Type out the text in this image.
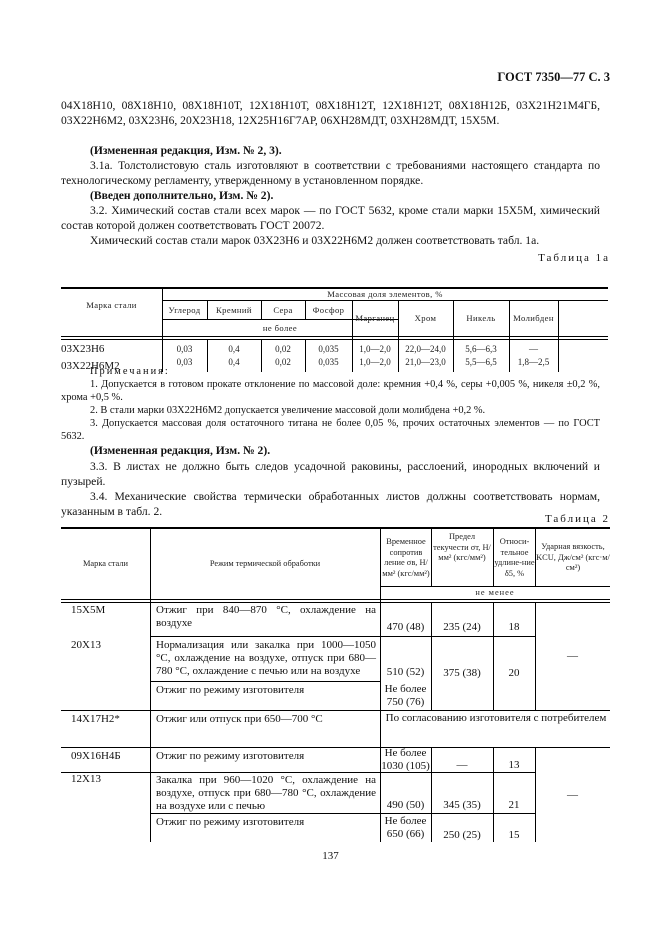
ГОСТ 7350—77 С. 3
04Х18Н10, 08Х18Н10, 08Х18Н10Т, 12Х18Н10Т, 08Х18Н12Т, 12Х18Н12Т, 08Х18Н12Б, 03Х21Н21М4ГБ, 03Х22Н6М2, 03Х23Н6, 20Х23Н18, 12Х25Н16Г7АР, 06ХН28МДТ, 03ХН28МДТ, 15Х5М.
(Измененная редакция, Изм. № 2, 3).
3.1а. Толстолистовую сталь изготовляют в соответствии с требованиями настоящего стандарта по технологическому регламенту, утвержденному в установленном порядке.
(Введен дополнительно, Изм. № 2).
3.2. Химический состав стали всех марок — по ГОСТ 5632, кроме стали марки 15Х5М, химический состав которой должен соответствовать ГОСТ 20072.
Химический состав стали марок 03Х23Н6 и 03Х22Н6М2 должен соответствовать табл. 1а.
Таблица 1а
Марка стали
Массовая доля элементов, %
Углерод	Кремний	Сера	Фосфор
не более
Марганец	Хром	Никель	Молибден
03Х23Н6	0,03	0,4	0,02	0,035	1,0—2,0	22,0—24,0	5,6—6,3	—
03Х22Н6М2	0,03	0,4	0,02	0,035	1,0—2,0	21,0—23,0	5,5—6,5	1,8—2,5
Примечания:
1. Допускается в готовом прокате отклонение по массовой доле: кремния +0,4 %, серы +0,005 %, никеля ±0,2 %, хрома +0,5 %.
2. В стали марки 03Х22Н6М2 допускается увеличение массовой доли молибдена +0,2 %.
3. Допускается массовая доля остаточного титана не более 0,05 %, прочих остаточных элементов — по ГОСТ 5632.
(Измененная редакция, Изм. № 2).
3.3. В листах не должно быть следов усадочной раковины, расслоений, инородных включений и пузырей.
3.4. Механические свойства термически обработанных листов должны соответствовать нормам, указанным в табл. 2.
Таблица 2
Марка стали	Режим термической обработки
Временное сопротив ление σв, Н/мм² (кгс/мм²)
Предел текучести σт, Н/мм² (кгс/мм²)
Относи-тельное удлине-ние δ5, %
Ударная вязкость, KCU, Дж/см² (кгс·м/см²)
не менее
15Х5М	Отжиг при 840—870 °С, охлаждение на воздухе	470 (48)	235 (24)	18
20Х13	Нормализация или закалка при 1000—1050 °С, охлаждение на воздухе, отпуск при 680—780 °С, охлаждение с печью или на воздухе	510 (52)	375 (38)	20
—
Отжиг по режиму изготовителя	Не более 750 (76)
14Х17Н2*	Отжиг или отпуск при 650—700 °С	По согласованию изготовителя с потребителем
09Х16Н4Б	Отжиг по режиму изготовителя	Не более 1030 (105)	—	13
12Х13	Закалка при 960—1020 °С, охлаждение на воздухе, отпуск при 680—780 °С, охлаждение на воздухе или с печью	490 (50)	345 (35)	21
—
Отжиг по режиму изготовителя	Не более 650 (66)	250 (25)	15
137
